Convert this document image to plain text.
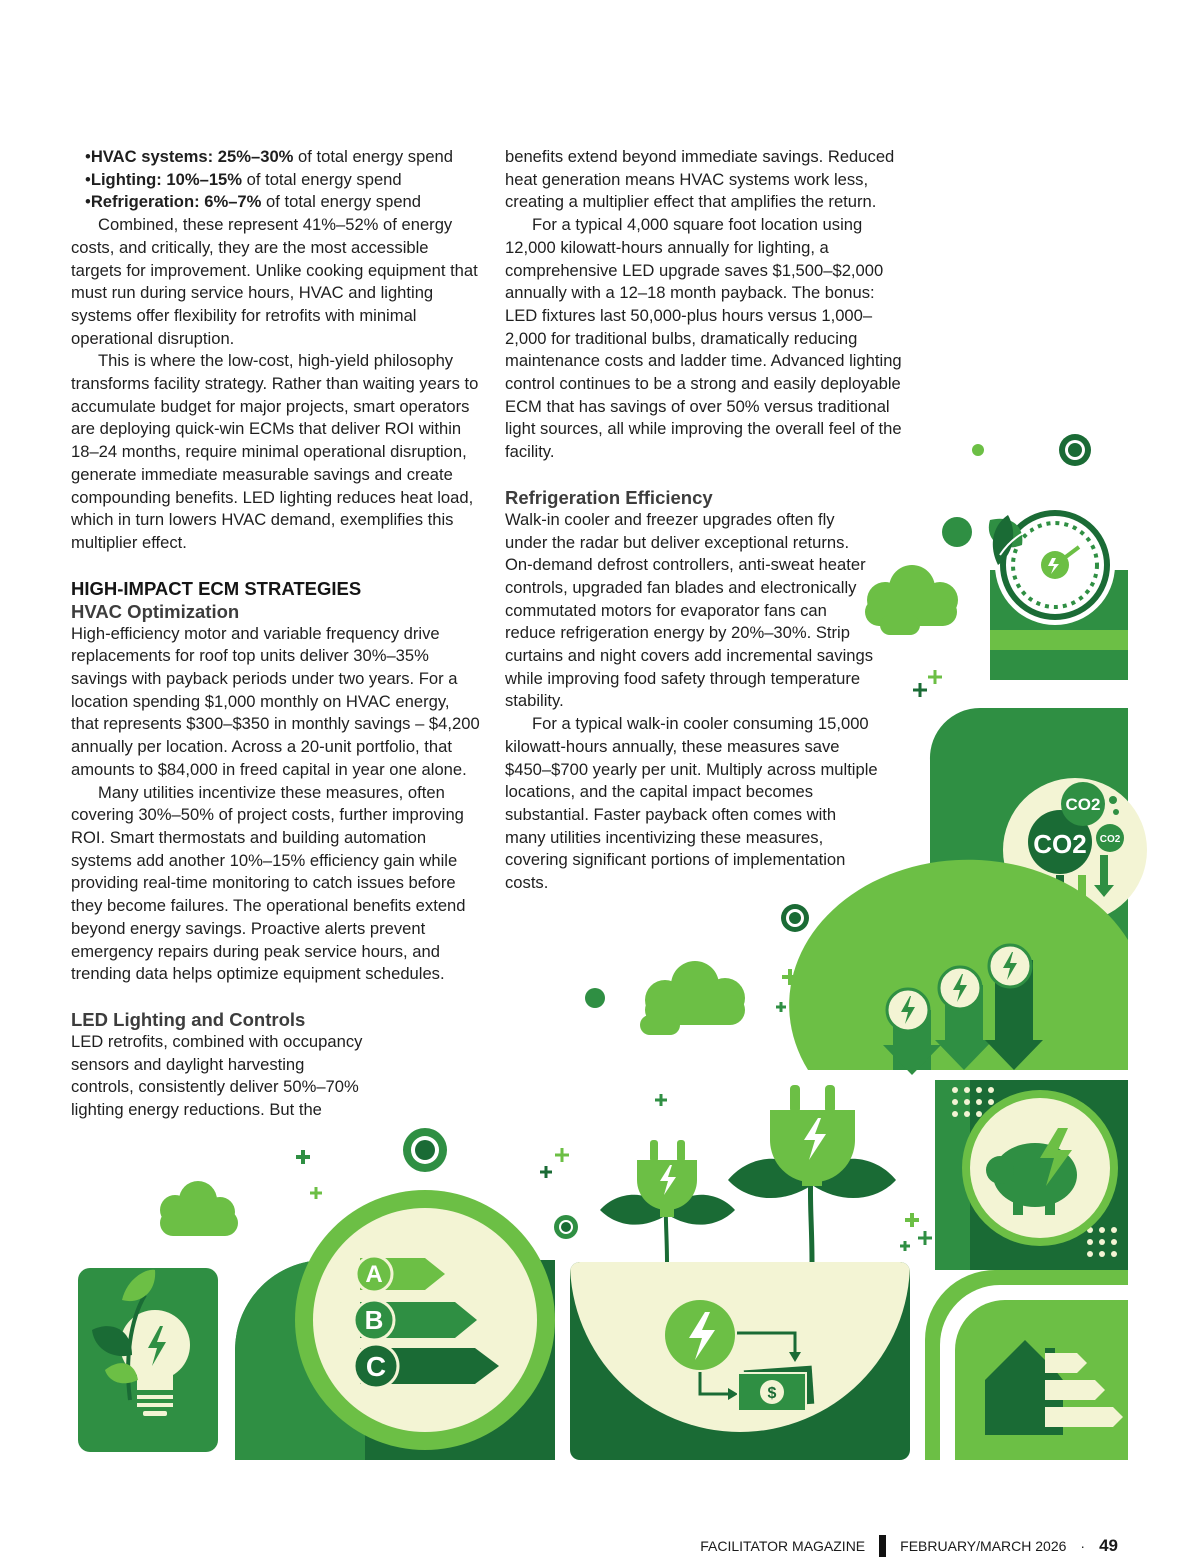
CO2
CO2
CO2
$
A
B
C
•HVAC systems: 25%–30% of total energy spend
•Lighting: 10%–15% of total energy spend
•Refrigeration: 6%–7% of total energy spend

Combined, these represent 41%–52% of energy costs, and critically, they are the most accessible targets for improvement. Unlike cooking equipment that must run during service hours, HVAC and lighting systems offer flexibility for retrofits with minimal operational disruption.

This is where the low-cost, high-yield philosophy transforms facility strategy. Rather than waiting years to accumulate budget for major projects, smart operators are deploying quick-win ECMs that deliver ROI within 18–24 months, require minimal operational disruption, generate immediate measurable savings and create compounding benefits. LED lighting reduces heat load, which in turn lowers HVAC demand, exemplifies this multiplier effect.

HIGH-IMPACT ECM STRATEGIES

HVAC Optimization

High-efficiency motor and variable frequency drive replacements for roof top units deliver 30%–35% savings with payback periods under two years. For a location spending $1,000 monthly on HVAC energy, that represents $300–$350 in monthly savings – $4,200 annually per location. Across a 20-unit portfolio, that amounts to $84,000 in freed capital in year one alone.

Many utilities incentivize these measures, often covering 30%–50% of project costs, further improving ROI. Smart thermostats and building automation systems add another 10%–15% efficiency gain while providing real-time monitoring to catch issues before they become failures. The operational benefits extend beyond energy savings. Proactive alerts prevent emergency repairs during peak service hours, and trending data helps optimize equipment schedules.

LED Lighting and Controls

LED retrofits, combined with occupancy sensors and daylight harvesting controls, consistently deliver 50%–70% lighting energy reductions. But the

benefits extend beyond immediate savings. Reduced heat generation means HVAC systems work less, creating a multiplier effect that amplifies the return.

For a typical 4,000 square foot location using 12,000 kilowatt-hours annually for lighting, a comprehensive LED upgrade saves $1,500–$2,000 annually with a 12–18 month payback. The bonus: LED fixtures last 50,000-plus hours versus 1,000–2,000 for traditional bulbs, dramatically reducing maintenance costs and ladder time. Advanced lighting control continues to be a strong and easily deployable ECM that has savings of over 50% versus traditional light sources, all while improving the overall feel of the facility.

Refrigeration Efficiency

Walk-in cooler and freezer upgrades often fly under the radar but deliver exceptional returns. On-demand defrost controllers, anti-sweat heater controls, upgraded fan blades and electronically commutated motors for evaporator fans can reduce refrigeration energy by 20%–30%. Strip curtains and night covers add incremental savings while improving food safety through temperature stability.

For a typical walk-in cooler consuming 15,000 kilowatt-hours annually, these measures save $450–$700 yearly per unit. Multiply across multiple locations, and the capital impact becomes substantial. Faster payback often comes with many utilities incentivizing these measures, covering significant portions of implementation costs.

FACILITATOR MAGAZINE	FEBRUARY/MARCH 2026 · 49
